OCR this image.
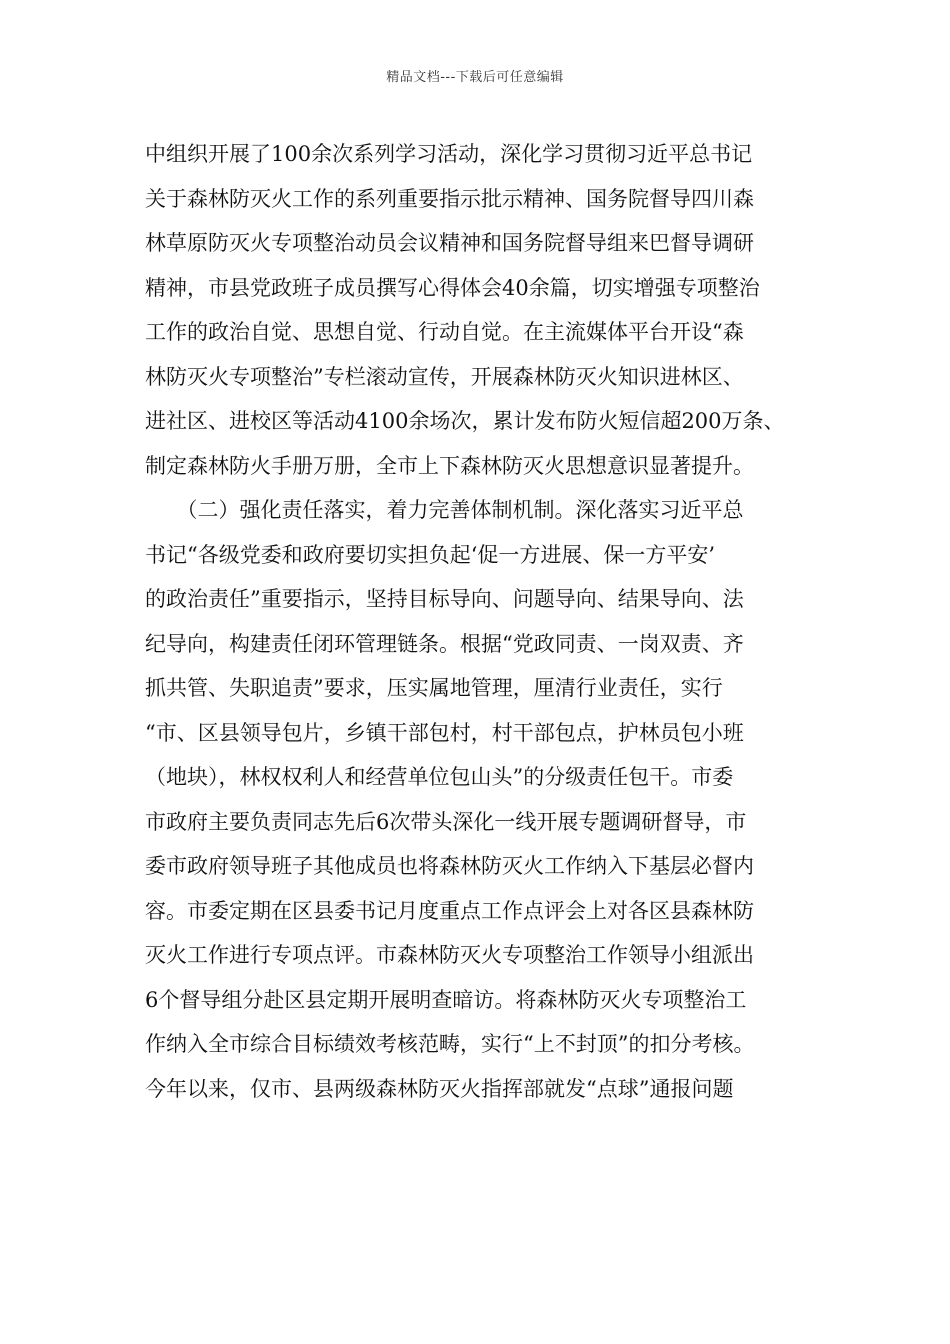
精品文档---下载后可任意编辑
中组织开展了100余次系列学习活动，深化学习贯彻习近平总书记
关于森林防灭火工作的系列重要指示批示精神、国务院督导四川森
林草原防灭火专项整治动员会议精神和国务院督导组来巴督导调研
精神，市县党政班子成员撰写心得体会40余篇，切实增强专项整治
工作的政治自觉、思想自觉、行动自觉。在主流媒体平台开设“森
林防灭火专项整治”专栏滚动宣传，开展森林防灭火知识进林区、
进社区、进校区等活动4100余场次，累计发布防火短信超200万条、
制定森林防火手册万册，全市上下森林防灭火思想意识显著提升。
　　（二）强化责任落实，着力完善体制机制。深化落实习近平总
书记“各级党委和政府要切实担负起‘促一方进展、保一方平安’
的政治责任”重要指示，坚持目标导向、问题导向、结果导向、法
纪导向，构建责任闭环管理链条。根据“党政同责、一岗双责、齐
抓共管、失职追责”要求，压实属地管理，厘清行业责任，实行
“市、区县领导包片，乡镇干部包村，村干部包点，护林员包小班
（地块），林权权利人和经营单位包山头”的分级责任包干。市委
市政府主要负责同志先后6次带头深化一线开展专题调研督导，市
委市政府领导班子其他成员也将森林防灭火工作纳入下基层必督内
容。市委定期在区县委书记月度重点工作点评会上对各区县森林防
灭火工作进行专项点评。市森林防灭火专项整治工作领导小组派出
6个督导组分赴区县定期开展明查暗访。将森林防灭火专项整治工
作纳入全市综合目标绩效考核范畴，实行“上不封顶”的扣分考核。
今年以来，仅市、县两级森林防灭火指挥部就发“点球”通报问题
